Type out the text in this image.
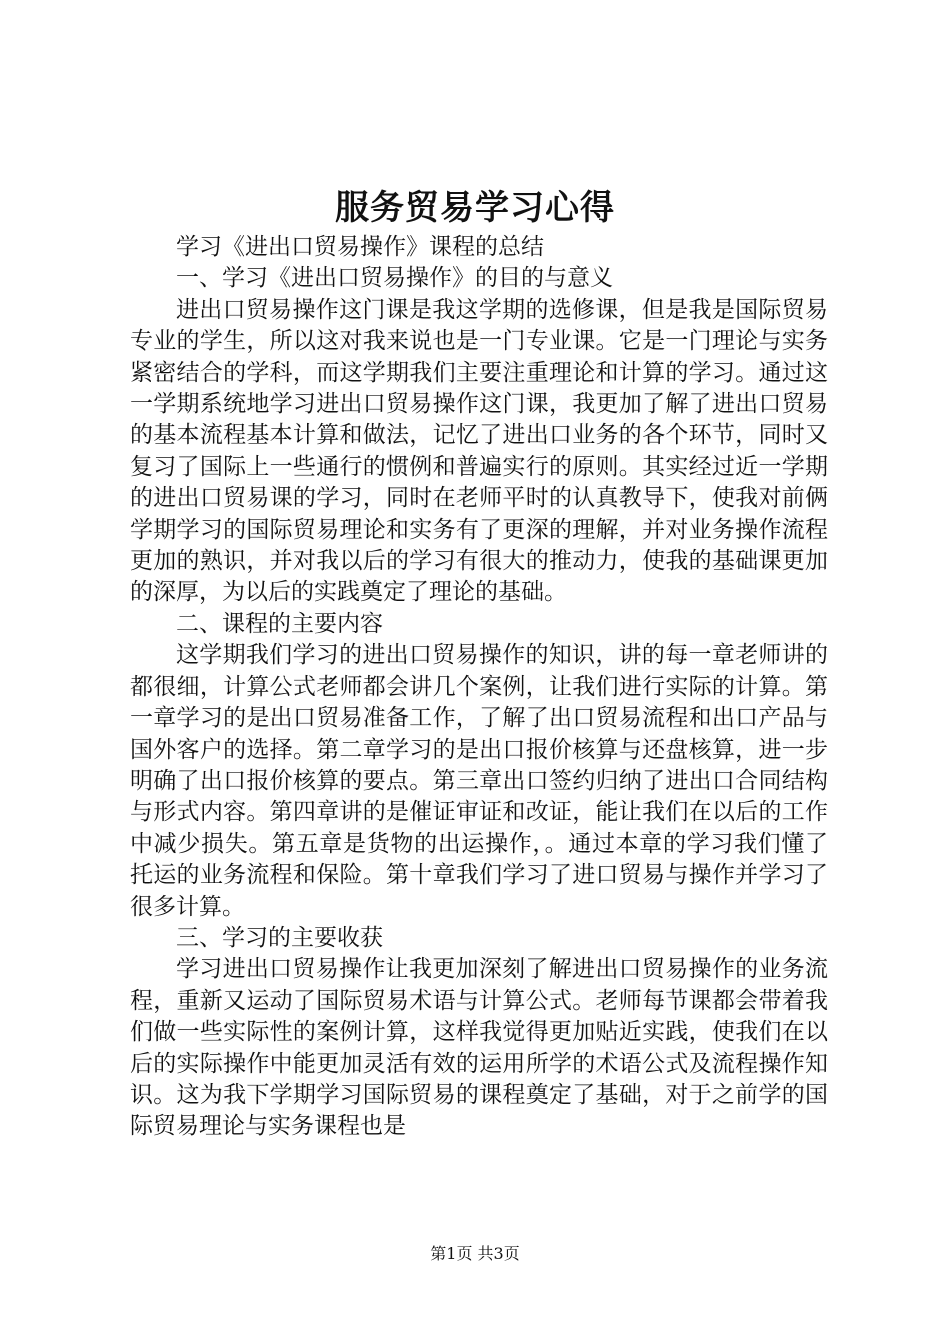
服务贸易学习心得

学习《进出口贸易操作》课程的总结

一、学习《进出口贸易操作》的目的与意义

进出口贸易操作这门课是我这学期的选修课，但是我是国际贸易专业的学生，所以这对我来说也是一门专业课。它是一门理论与实务紧密结合的学科，而这学期我们主要注重理论和计算的学习。通过这一学期系统地学习进出口贸易操作这门课，我更加了解了进出口贸易的基本流程基本计算和做法，记忆了进出口业务的各个环节，同时又复习了国际上一些通行的惯例和普遍实行的原则。其实经过近一学期的进出口贸易课的学习，同时在老师平时的认真教导下，使我对前俩学期学习的国际贸易理论和实务有了更深的理解，并对业务操作流程更加的熟识，并对我以后的学习有很大的推动力，使我的基础课更加的深厚，为以后的实践奠定了理论的基础。

二、课程的主要内容

这学期我们学习的进出口贸易操作的知识，讲的每一章老师讲的都很细，计算公式老师都会讲几个案例，让我们进行实际的计算。第一章学习的是出口贸易准备工作，了解了出口贸易流程和出口产品与国外客户的选择。第二章学习的是出口报价核算与还盘核算，进一步明确了出口报价核算的要点。第三章出口签约归纳了进出口合同结构与形式内容。第四章讲的是催证审证和改证，能让我们在以后的工作中减少损失。第五章是货物的出运操作，。通过本章的学习我们懂了托运的业务流程和保险。第十章我们学习了进口贸易与操作并学习了很多计算。

三、学习的主要收获

学习进出口贸易操作让我更加深刻了解进出口贸易操作的业务流程，重新又运动了国际贸易术语与计算公式。老师每节课都会带着我们做一些实际性的案例计算，这样我觉得更加贴近实践，使我们在以后的实际操作中能更加灵活有效的运用所学的术语公式及流程操作知识。这为我下学期学习国际贸易的课程奠定了基础，对于之前学的国际贸易理论与实务课程也是

第1页 共3页
